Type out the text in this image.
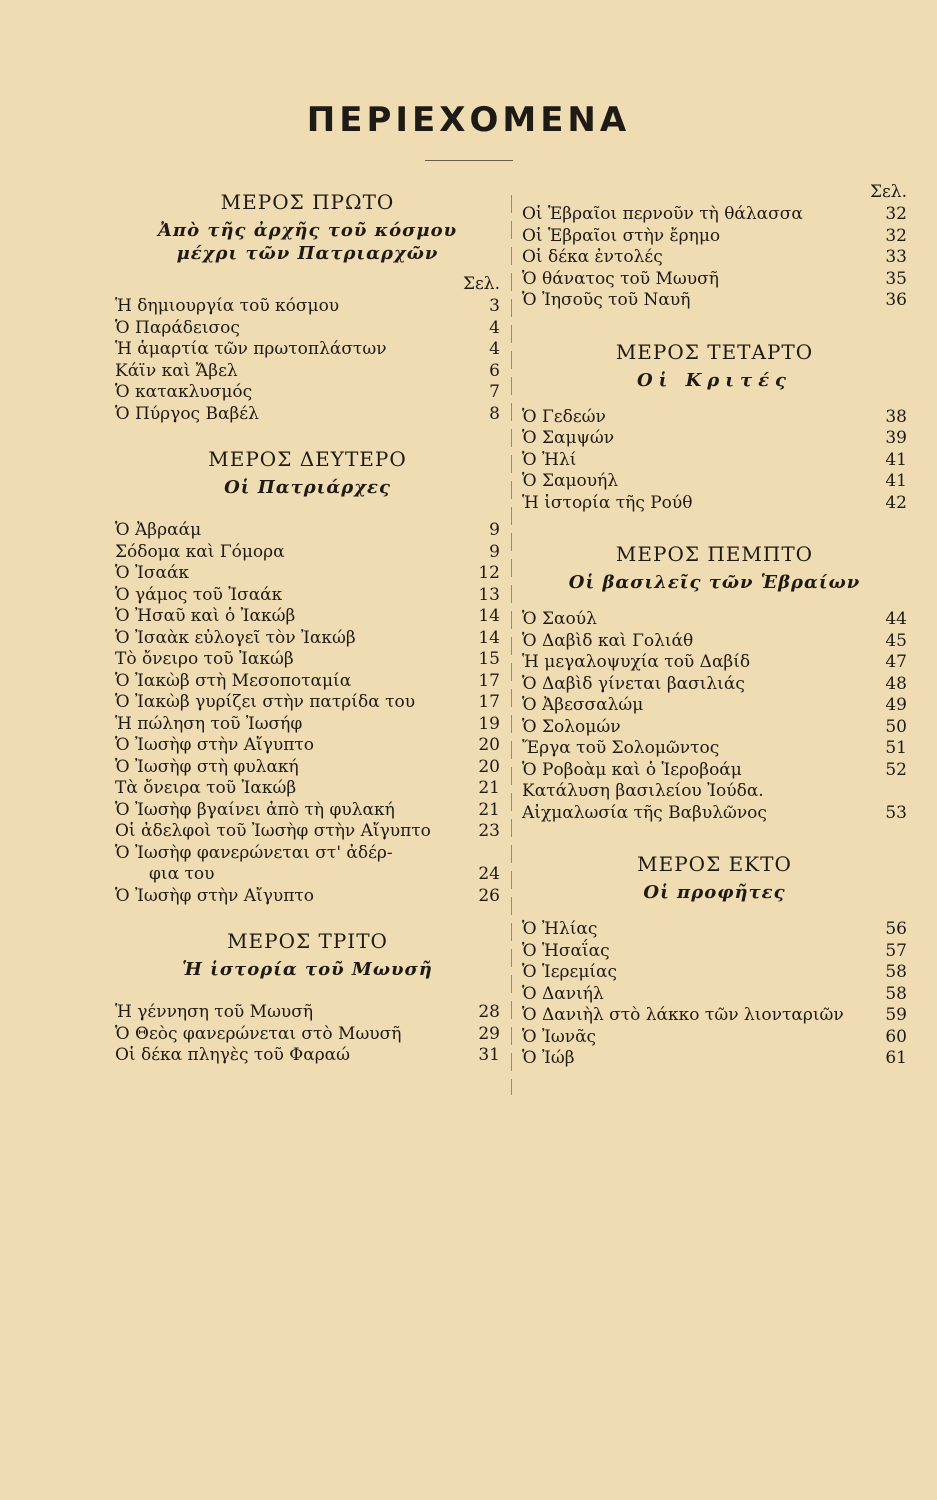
ΠΕΡΙΕΧΟΜΕΝΑ
ΜΕΡΟΣ ΠΡΩΤΟ
Ἀπὸ τῆς ἀρχῆς τοῦ κόσμου
μέχρι τῶν Πατριαρχῶν
Σελ.
Ἡ δημιουργία τοῦ κόσμου	3
Ὁ Παράδεισος	4
Ἡ ἁμαρτία τῶν πρωτοπλάστων	4
Κάϊν καὶ Ἄβελ	6
Ὁ κατακλυσμός	7
Ὁ Πύργος Βαβέλ	8
ΜΕΡΟΣ ΔΕΥΤΕΡΟ
Οἱ Πατριάρχες
Ὁ Ἀβραάμ	9
Σόδομα καὶ Γόμορα	9
Ὁ Ἰσαάκ	12
Ὁ γάμος τοῦ Ἰσαάκ	13
Ὁ Ἠσαῦ καὶ ὁ Ἰακώβ	14
Ὁ Ἰσαὰκ εὐλογεῖ τὸν Ἰακώβ	14
Τὸ ὄνειρο τοῦ Ἰακώβ	15
Ὁ Ἰακὼβ στὴ Μεσοποταμία	17
Ὁ Ἰακὼβ γυρίζει στὴν πατρίδα του	17
Ἡ πώληση τοῦ Ἰωσήφ	19
Ὁ Ἰωσὴφ στὴν Αἴγυπτο	20
Ὁ Ἰωσὴφ στὴ φυλακή	20
Τὰ ὄνειρα τοῦ Ἰακώβ	21
Ὁ Ἰωσὴφ βγαίνει ἀπὸ τὴ φυλακή	21
Οἱ ἀδελφοὶ τοῦ Ἰωσὴφ στὴν Αἴγυπτο	23
Ὁ Ἰωσὴφ φανερώνεται στ' ἀδέρ-
φια του	24
Ὁ Ἰωσὴφ στὴν Αἴγυπτο	26
ΜΕΡΟΣ ΤΡΙΤΟ
Ἡ ἱστορία τοῦ Μωυσῆ
Ἡ γέννηση τοῦ Μωυσῆ	28
Ὁ Θεὸς φανερώνεται στὸ Μωυσῆ	29
Οἱ δέκα πληγὲς τοῦ Φαραώ	31
Σελ.
Οἱ Ἑβραῖοι περνοῦν τὴ θάλασσα	32
Οἱ Ἑβραῖοι στὴν ἔρημο	32
Οἱ δέκα ἐντολές	33
Ὁ θάνατος τοῦ Μωυσῆ	35
Ὁ Ἰησοῦς τοῦ Ναυῆ	36
ΜΕΡΟΣ ΤΕΤΑΡΤΟ
Οἱ Κριτές
Ὁ Γεδεών	38
Ὁ Σαμψών	39
Ὁ Ἠλί	41
Ὁ Σαμουήλ	41
Ἡ ἱστορία τῆς Ρούθ	42
ΜΕΡΟΣ ΠΕΜΠΤΟ
Οἱ βασιλεῖς τῶν Ἑβραίων
Ὁ Σαούλ	44
Ὁ Δαβὶδ καὶ Γολιάθ	45
Ἡ μεγαλοψυχία τοῦ Δαβίδ	47
Ὁ Δαβὶδ γίνεται βασιλιάς	48
Ὁ Ἀβεσσαλώμ	49
Ὁ Σολομών	50
Ἔργα τοῦ Σολομῶντος	51
Ὁ Ροβοὰμ καὶ ὁ Ἱεροβοάμ	52
Κατάλυση βασιλείου Ἰούδα.
Αἰχμαλωσία τῆς Βαβυλῶνος	53
ΜΕΡΟΣ ΕΚΤΟ
Οἱ προφῆτες
Ὁ Ἠλίας	56
Ὁ Ἡσαΐας	57
Ὁ Ἱερεμίας	58
Ὁ Δανιήλ	58
Ὁ Δανιὴλ στὸ λάκκο τῶν λιονταριῶν 59
Ὁ Ἰωνᾶς	60
Ὁ Ἰώβ	61
